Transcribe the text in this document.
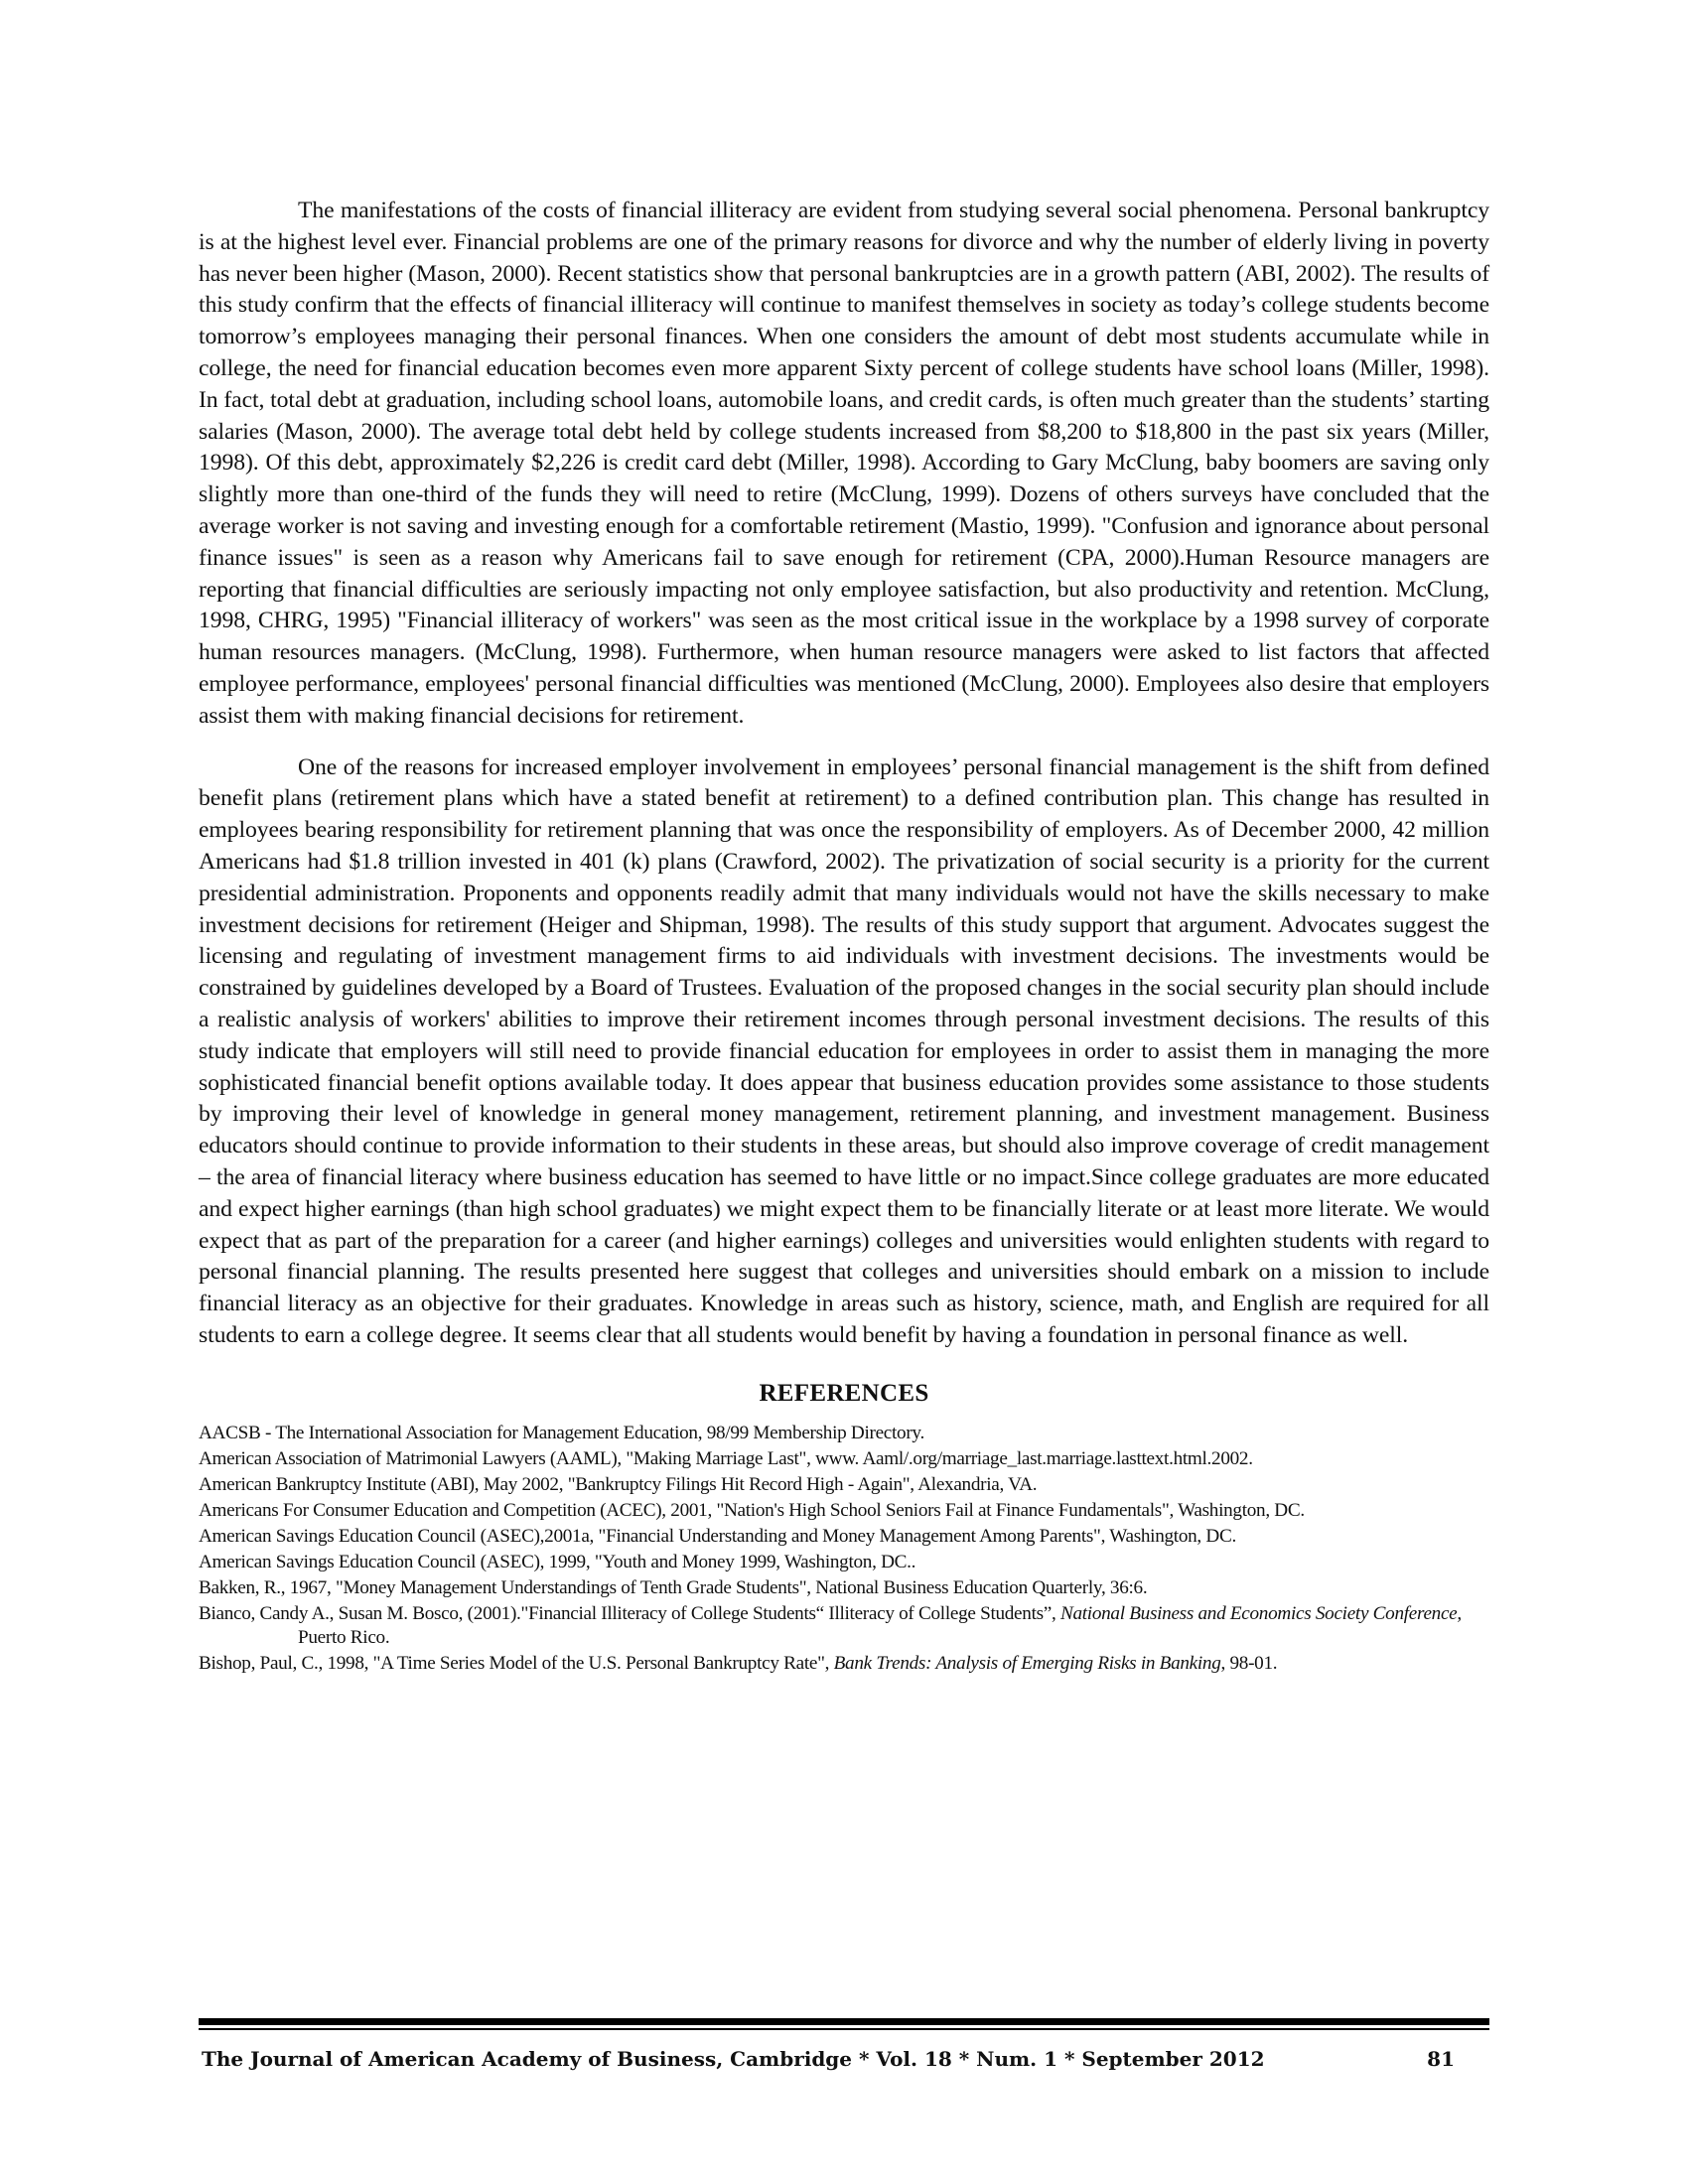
The manifestations of the costs of financial illiteracy are evident from studying several social phenomena. Personal bankruptcy is at the highest level ever. Financial problems are one of the primary reasons for divorce and why the number of elderly living in poverty has never been higher (Mason, 2000). Recent statistics show that personal bankruptcies are in a growth pattern (ABI, 2002). The results of this study confirm that the effects of financial illiteracy will continue to manifest themselves in society as today’s college students become tomorrow’s employees managing their personal finances. When one considers the amount of debt most students accumulate while in college, the need for financial education becomes even more apparent Sixty percent of college students have school loans (Miller, 1998). In fact, total debt at graduation, including school loans, automobile loans, and credit cards, is often much greater than the students’ starting salaries (Mason, 2000). The average total debt held by college students increased from $8,200 to $18,800 in the past six years (Miller, 1998). Of this debt, approximately $2,226 is credit card debt (Miller, 1998). According to Gary McClung, baby boomers are saving only slightly more than one-third of the funds they will need to retire (McClung, 1999). Dozens of others surveys have concluded that the average worker is not saving and investing enough for a comfortable retirement (Mastio, 1999). "Confusion and ignorance about personal finance issues" is seen as a reason why Americans fail to save enough for retirement (CPA, 2000).Human Resource managers are reporting that financial difficulties are seriously impacting not only employee satisfaction, but also productivity and retention. McClung, 1998, CHRG, 1995) "Financial illiteracy of workers" was seen as the most critical issue in the workplace by a 1998 survey of corporate human resources managers. (McClung, 1998). Furthermore, when human resource managers were asked to list factors that affected employee performance, employees' personal financial difficulties was mentioned (McClung, 2000). Employees also desire that employers assist them with making financial decisions for retirement.

One of the reasons for increased employer involvement in employees’ personal financial management is the shift from defined benefit plans (retirement plans which have a stated benefit at retirement) to a defined contribution plan. This change has resulted in employees bearing responsibility for retirement planning that was once the responsibility of employers. As of December 2000, 42 million Americans had $1.8 trillion invested in 401 (k) plans (Crawford, 2002). The privatization of social security is a priority for the current presidential administration. Proponents and opponents readily admit that many individuals would not have the skills necessary to make investment decisions for retirement (Heiger and Shipman, 1998). The results of this study support that argument. Advocates suggest the licensing and regulating of investment management firms to aid individuals with investment decisions. The investments would be constrained by guidelines developed by a Board of Trustees. Evaluation of the proposed changes in the social security plan should include a realistic analysis of workers' abilities to improve their retirement incomes through personal investment decisions. The results of this study indicate that employers will still need to provide financial education for employees in order to assist them in managing the more sophisticated financial benefit options available today. It does appear that business education provides some assistance to those students by improving their level of knowledge in general money management, retirement planning, and investment management. Business educators should continue to provide information to their students in these areas, but should also improve coverage of credit management – the area of financial literacy where business education has seemed to have little or no impact.Since college graduates are more educated and expect higher earnings (than high school graduates) we might expect them to be financially literate or at least more literate. We would expect that as part of the preparation for a career (and higher earnings) colleges and universities would enlighten students with regard to personal financial planning. The results presented here suggest that colleges and universities should embark on a mission to include financial literacy as an objective for their graduates. Knowledge in areas such as history, science, math, and English are required for all students to earn a college degree. It seems clear that all students would benefit by having a foundation in personal finance as well.

REFERENCES
AACSB - The International Association for Management Education, 98/99 Membership Directory.
American Association of Matrimonial Lawyers (AAML), "Making Marriage Last", www. Aaml/.org/marriage_last.marriage.lasttext.html.2002.
American Bankruptcy Institute (ABI), May 2002, "Bankruptcy Filings Hit Record High - Again", Alexandria, VA.
Americans For Consumer Education and Competition (ACEC), 2001, "Nation's High School Seniors Fail at Finance Fundamentals", Washington, DC.
American Savings Education Council (ASEC),2001a, "Financial Understanding and Money Management Among Parents", Washington, DC.
American Savings Education Council (ASEC), 1999, "Youth and Money 1999, Washington, DC..
Bakken, R., 1967, "Money Management Understandings of Tenth Grade Students", National Business Education Quarterly, 36:6.
Bianco, Candy A., Susan M. Bosco, (2001)."Financial Illiteracy of College Students“ Illiteracy of College Students”, National Business and Economics Society Conference, Puerto Rico.
Bishop, Paul, C., 1998, "A Time Series Model of the U.S. Personal Bankruptcy Rate", Bank Trends: Analysis of Emerging Risks in Banking, 98-01.
The Journal of American Academy of Business, Cambridge * Vol. 18 * Num. 1 * September 2012	81
